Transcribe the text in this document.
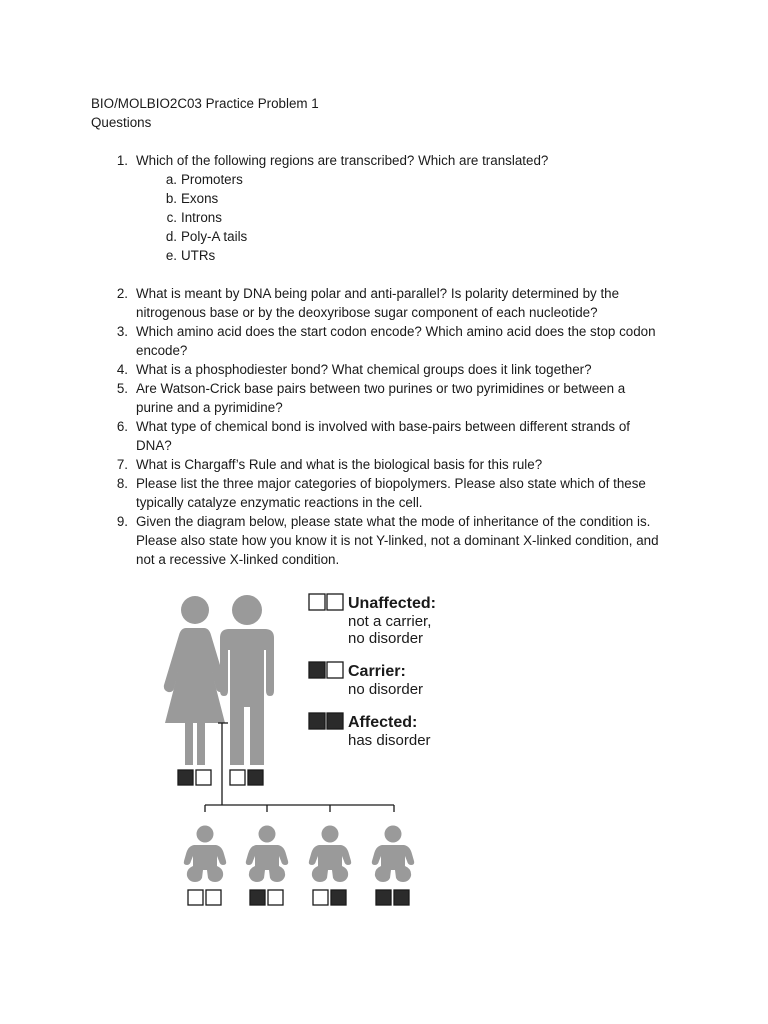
BIO/MOLBIO2C03 Practice Problem 1
Questions
1. Which of the following regions are transcribed? Which are translated?
a. Promoters
b. Exons
c. Introns
d. Poly-A tails
e. UTRs
2. What is meant by DNA being polar and anti-parallel? Is polarity determined by the
nitrogenous base or by the deoxyribose sugar component of each nucleotide?
3. Which amino acid does the start codon encode? Which amino acid does the stop codon
encode?
4. What is a phosphodiester bond? What chemical groups does it link together?
5. Are Watson-Crick base pairs between two purines or two pyrimidines or between a
purine and a pyrimidine?
6. What type of chemical bond is involved with base-pairs between different strands of
DNA?
7. What is Chargaff’s Rule and what is the biological basis for this rule?
8. Please list the three major categories of biopolymers. Please also state which of these
typically catalyze enzymatic reactions in the cell.
9. Given the diagram below, please state what the mode of inheritance of the condition is.
Please also state how you know it is not Y-linked, not a dominant X-linked condition, and
not a recessive X-linked condition.
Unaffected:
not a carrier,
no disorder
Carrier:
no disorder
Affected:
has disorder
